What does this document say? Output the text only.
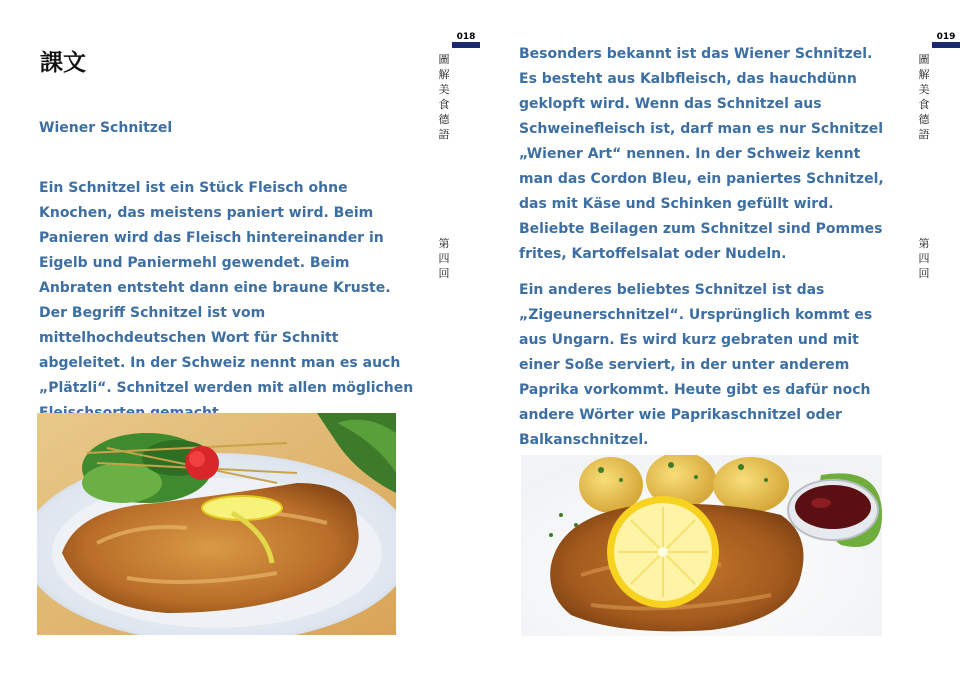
018
圖解美食德語
第四回
課文
Wiener Schnitzel

Ein Schnitzel ist ein Stück Fleisch ohne Knochen, das meistens paniert wird. Beim Panieren wird das Fleisch hintereinander in Eigelb und Paniermehl gewendet. Beim Anbraten entsteht dann eine braune Kruste. Der Begriff Schnitzel ist vom mittelhochdeutschen Wort für Schnitt abgeleitet. In der Schweiz nennt man es auch „Plätzli“. Schnitzel werden mit allen möglichen

019
圖解美食德語
第四回

Besonders bekannt ist das Wiener Schnitzel. Es besteht aus Kalbfleisch, das hauchdünn geklopft wird. Wenn das Schnitzel aus Schweinefleisch ist, darf man es nur Schnitzel „Wiener Art“ nennen. In der Schweiz kennt man das Cordon Bleu, ein paniertes Schnitzel, das mit Käse und Schinken gefüllt wird. Beliebte Beilagen zum Schnitzel sind Pommes frites, Kartoffelsalat oder Nudeln.

Ein anderes beliebtes Schnitzel ist das „Zigeunerschnitzel“. Ursprünglich kommt es aus Ungarn. Es wird kurz gebraten und mit einer Soße serviert, in der unter anderem Paprika vorkommt. Heute gibt es dafür noch andere Wörter wie Paprikaschnitzel oder Balkanschnitzel.
